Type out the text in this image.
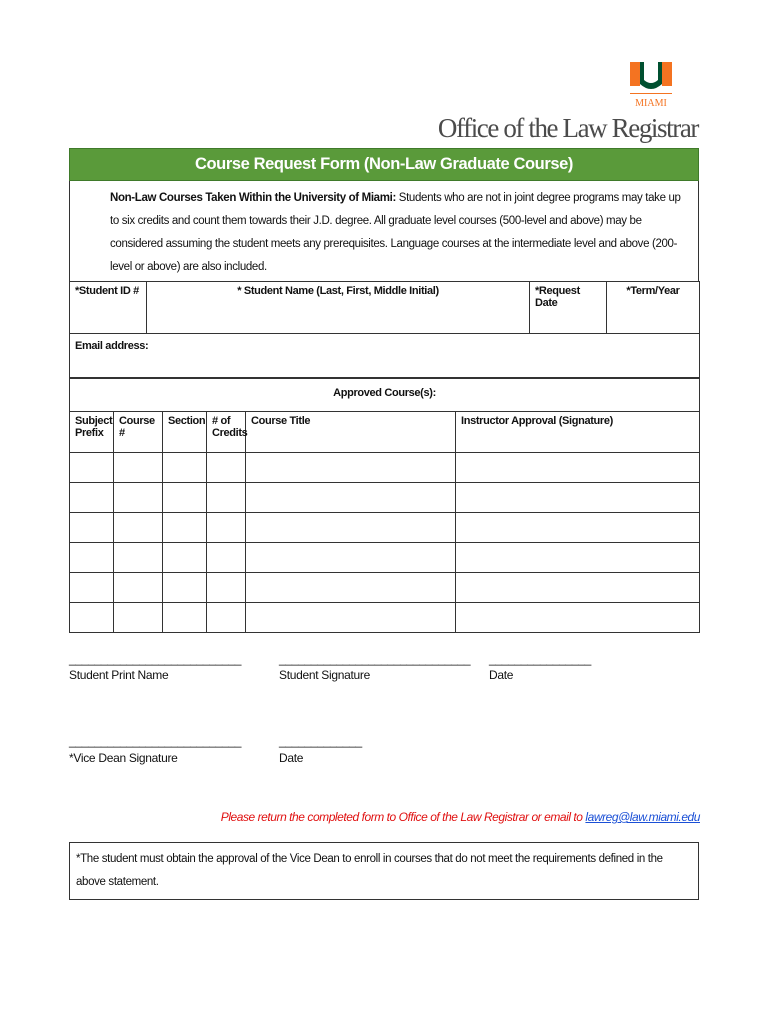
MIAMI
Office of the Law Registrar
Course Request Form (Non-Law Graduate Course)
Non-Law Courses Taken Within the University of Miami: Students who are not in joint degree programs may take up to six credits and count them towards their J.D. degree. All graduate level courses (500-level and above) may be considered assuming the student meets any prerequisites. Language courses at the intermediate level and above (200-level or above) are also included.
*Student ID #	* Student Name (Last, First, Middle Initial)	*Request Date	*Term/Year
Email address:
Approved Course(s):					
Subject Prefix	Course #	Section	# of Credits	Course Title	Instructor Approval (Signature)

___________________________
Student Print Name
______________________________
Student Signature
________________
Date
___________________________
*Vice Dean Signature
_____________
Date
Please return the completed form to Office of the Law Registrar or email to lawreg@law.miami.edu
*The student must obtain the approval of the Vice Dean to enroll in courses that do not meet the requirements defined in the above statement.
